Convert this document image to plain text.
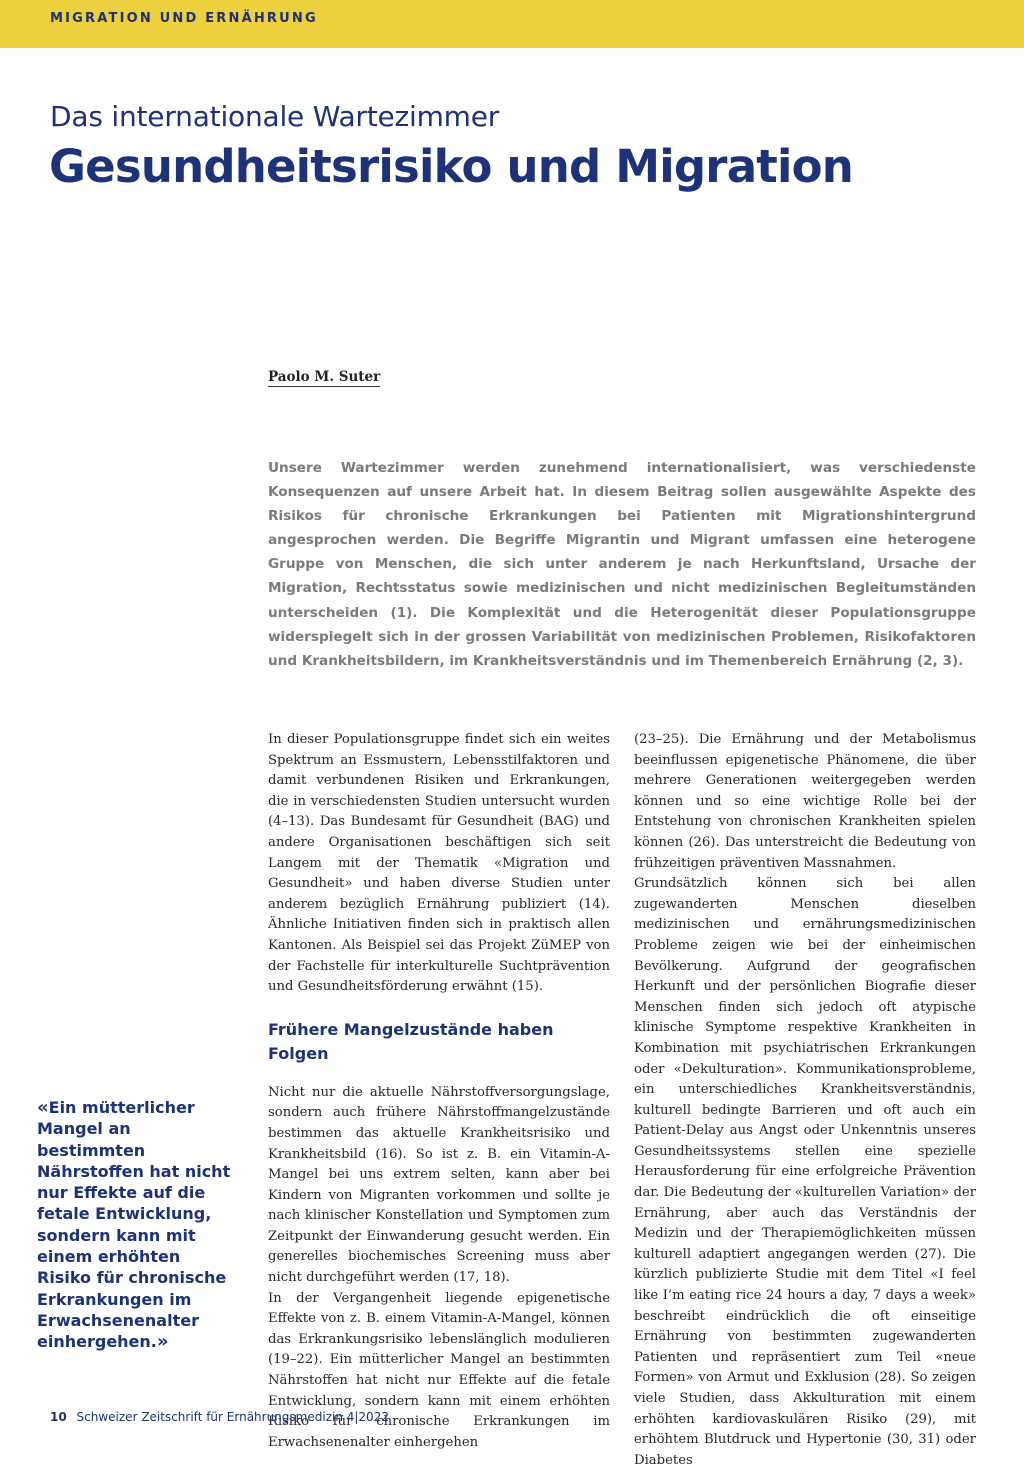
MIGRATION UND ERNÄHRUNG
Das internationale Wartezimmer
Gesundheitsrisiko und Migration
Paolo M. Suter
Unsere Wartezimmer werden zunehmend internationalisiert, was verschiedenste Konsequenzen auf unsere Arbeit hat. In diesem Beitrag sollen ausgewählte Aspekte des Risikos für chronische Erkrankungen bei Patienten mit Migrationshintergrund angesprochen werden. Die Begriffe Migrantin und Migrant umfassen eine heterogene Gruppe von Menschen, die sich unter anderem je nach Herkunftsland, Ursache der Migration, Rechtsstatus sowie medizinischen und nicht medizinischen Begleitumständen unterscheiden (1). Die Komplexität und die Heterogenität dieser Populationsgruppe widerspiegelt sich in der grossen Variabilität von medizinischen Problemen, Risikofaktoren und Krankheitsbildern, im Krankheitsverständnis und im Themenbereich Ernährung (2, 3).

In dieser Populationsgruppe findet sich ein weites Spektrum an Essmustern, Lebensstilfaktoren und damit verbundenen Risiken und Erkrankungen, die in verschiedensten Studien untersucht wurden (4–13). Das Bundesamt für Gesundheit (BAG) und andere Organisationen beschäftigen sich seit Langem mit der Thematik «Migration und Gesundheit» und haben diverse Studien unter anderem bezüglich Ernährung publiziert (14). Ähnliche Initiativen finden sich in praktisch allen Kantonen. Als Beispiel sei das Projekt ZüMEP von der Fachstelle für interkulturelle Suchtprävention und Gesundheitsförderung erwähnt (15).

Frühere Mangelzustände haben Folgen

Nicht nur die aktuelle Nährstoffversorgungslage, sondern auch frühere Nährstoffmangelzustände bestimmen das aktuelle Krankheitsrisiko und Krankheitsbild (16). So ist z. B. ein Vitamin-A-Mangel bei uns extrem selten, kann aber bei Kindern von Migranten vorkommen und sollte je nach klinischer Konstellation und Symptomen zum Zeitpunkt der Einwanderung gesucht werden. Ein generelles biochemisches Screening muss aber nicht durchgeführt werden (17, 18).

In der Vergangenheit liegende epigenetische Effekte von z. B. einem Vitamin-A-Mangel, können das Erkrankungsrisiko lebenslänglich modulieren (19–22). Ein mütterlicher Mangel an bestimmten Nährstoffen hat nicht nur Effekte auf die fetale Entwicklung, sondern kann mit einem erhöhten Risiko für chronische Erkrankungen im Erwachsenenalter einhergehen

(23–25). Die Ernährung und der Metabolismus beeinflussen epigenetische Phänomene, die über mehrere Generationen weitergegeben werden können und so eine wichtige Rolle bei der Entstehung von chronischen Krankheiten spielen können (26). Das unterstreicht die Bedeutung von frühzeitigen präventiven Massnahmen.

Grundsätzlich können sich bei allen zugewanderten Menschen dieselben medizinischen und ernährungsmedizinischen Probleme zeigen wie bei der einheimischen Bevölkerung. Aufgrund der geografischen Herkunft und der persönlichen Biografie dieser Menschen finden sich jedoch oft atypische klinische Symptome respektive Krankheiten in Kombination mit psychiatrischen Erkrankungen oder «Dekulturation». Kommunikationsprobleme, ein unterschiedliches Krankheitsverständnis, kulturell bedingte Barrieren und oft auch ein Patient-Delay aus Angst oder Unkenntnis unseres Gesundheitssystems stellen eine spezielle Herausforderung für eine erfolgreiche Prävention dar. Die Bedeutung der «kulturellen Variation» der Ernährung, aber auch das Verständnis der Medizin und der Therapiemöglichkeiten müssen kulturell adaptiert angegangen werden (27). Die kürzlich publizierte Studie mit dem Titel «I feel like I’m eating rice 24 hours a day, 7 days a week» beschreibt eindrücklich die oft einseitige Ernährung von bestimmten zugewanderten Patienten und repräsentiert zum Teil «neue Formen» von Armut und Exklusion (28). So zeigen viele Studien, dass Akkulturation mit einem erhöhten kardiovaskulären Risiko (29), mit erhöhtem Blutdruck und Hypertonie (30, 31) oder Diabetes

«Ein mütterlicher Mangel an bestimmten Nährstoffen hat nicht nur Effekte auf die fetale Entwicklung, sondern kann mit einem erhöhten Risiko für chronische Erkrankungen im Erwachsenenalter einhergehen.»
10 Schweizer Zeitschrift für Ernährungsmedizin 4|2022
